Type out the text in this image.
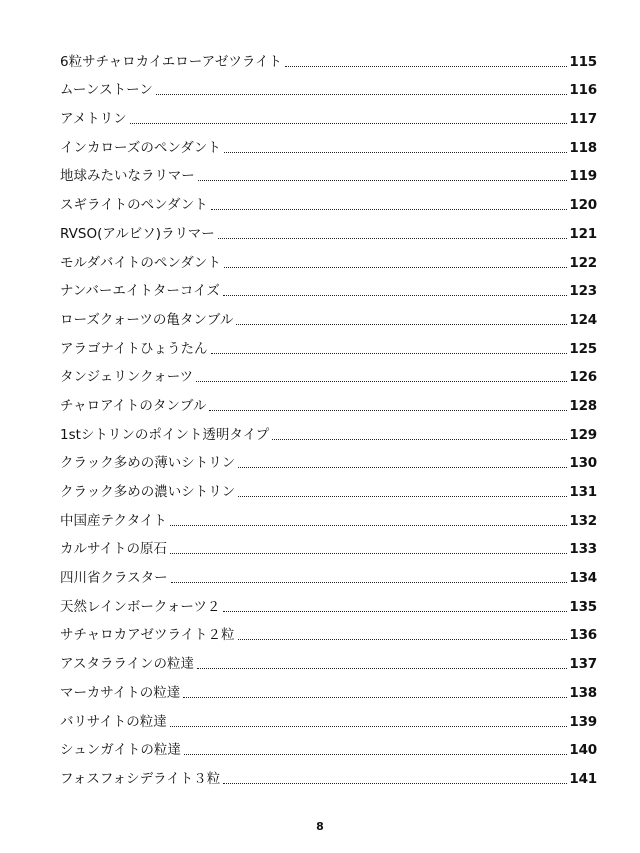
6粒サチャロカイエローアゼツライト	115
ムーンストーン	116
アメトリン	117
インカローズのペンダント	118
地球みたいなラリマー	119
スギライトのペンダント	120
RVSO(アルビソ)ラリマー	121
モルダバイトのペンダント	122
ナンバーエイトターコイズ	123
ローズクォーツの亀タンブル	124
アラゴナイトひょうたん	125
タンジェリンクォーツ	126
チャロアイトのタンブル	128
1stシトリンのポイント透明タイプ	129
クラック多めの薄いシトリン	130
クラック多めの濃いシトリン	131
中国産テクタイト	132
カルサイトの原石	133
四川省クラスター	134
天然レインボークォーツ２	135
サチャロカアゼツライト２粒	136
アスタララインの粒達	137
マーカサイトの粒達	138
バリサイトの粒達	139
シュンガイトの粒達	140
フォスフォシデライト３粒	141
8
